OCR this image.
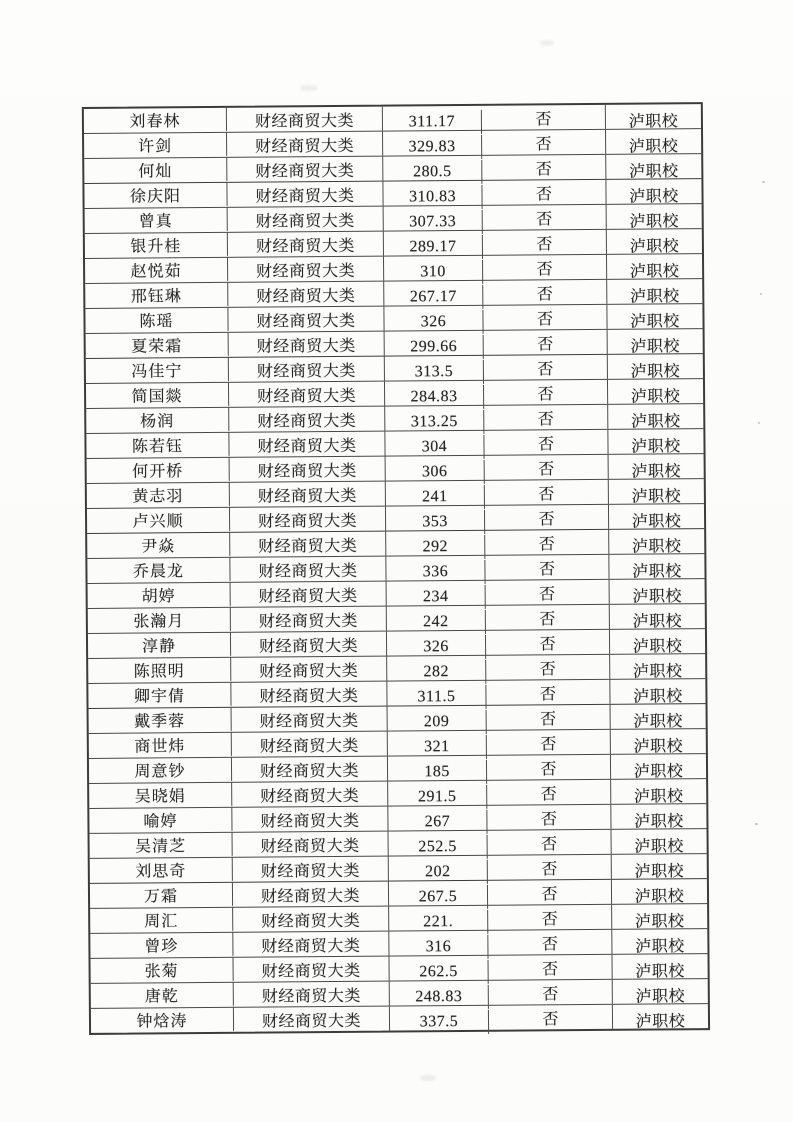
刘春林	财经商贸大类	311.17	否	泸职校
许剑	财经商贸大类	329.83	否	泸职校
何灿	财经商贸大类	280.5	否	泸职校
徐庆阳	财经商贸大类	310.83	否	泸职校
曾真	财经商贸大类	307.33	否	泸职校
银升桂	财经商贸大类	289.17	否	泸职校
赵悦茹	财经商贸大类	310	否	泸职校
邢钰琳	财经商贸大类	267.17	否	泸职校
陈瑶	财经商贸大类	326	否	泸职校
夏荣霜	财经商贸大类	299.66	否	泸职校
冯佳宁	财经商贸大类	313.5	否	泸职校
简国燚	财经商贸大类	284.83	否	泸职校
杨润	财经商贸大类	313.25	否	泸职校
陈若钰	财经商贸大类	304	否	泸职校
何开桥	财经商贸大类	306	否	泸职校
黄志羽	财经商贸大类	241	否	泸职校
卢兴顺	财经商贸大类	353	否	泸职校
尹焱	财经商贸大类	292	否	泸职校
乔晨龙	财经商贸大类	336	否	泸职校
胡婷	财经商贸大类	234	否	泸职校
张瀚月	财经商贸大类	242	否	泸职校
淳静	财经商贸大类	326	否	泸职校
陈照明	财经商贸大类	282	否	泸职校
卿宇倩	财经商贸大类	311.5	否	泸职校
戴季蓉	财经商贸大类	209	否	泸职校
商世炜	财经商贸大类	321	否	泸职校
周意钞	财经商贸大类	185	否	泸职校
吴晓娟	财经商贸大类	291.5	否	泸职校
喻婷	财经商贸大类	267	否	泸职校
吴清芝	财经商贸大类	252.5	否	泸职校
刘思奇	财经商贸大类	202	否	泸职校
万霜	财经商贸大类	267.5	否	泸职校
周汇	财经商贸大类	221.	否	泸职校
曾珍	财经商贸大类	316	否	泸职校
张菊	财经商贸大类	262.5	否	泸职校
唐乾	财经商贸大类	248.83	否	泸职校
钟焓涛	财经商贸大类	337.5	否	泸职校
